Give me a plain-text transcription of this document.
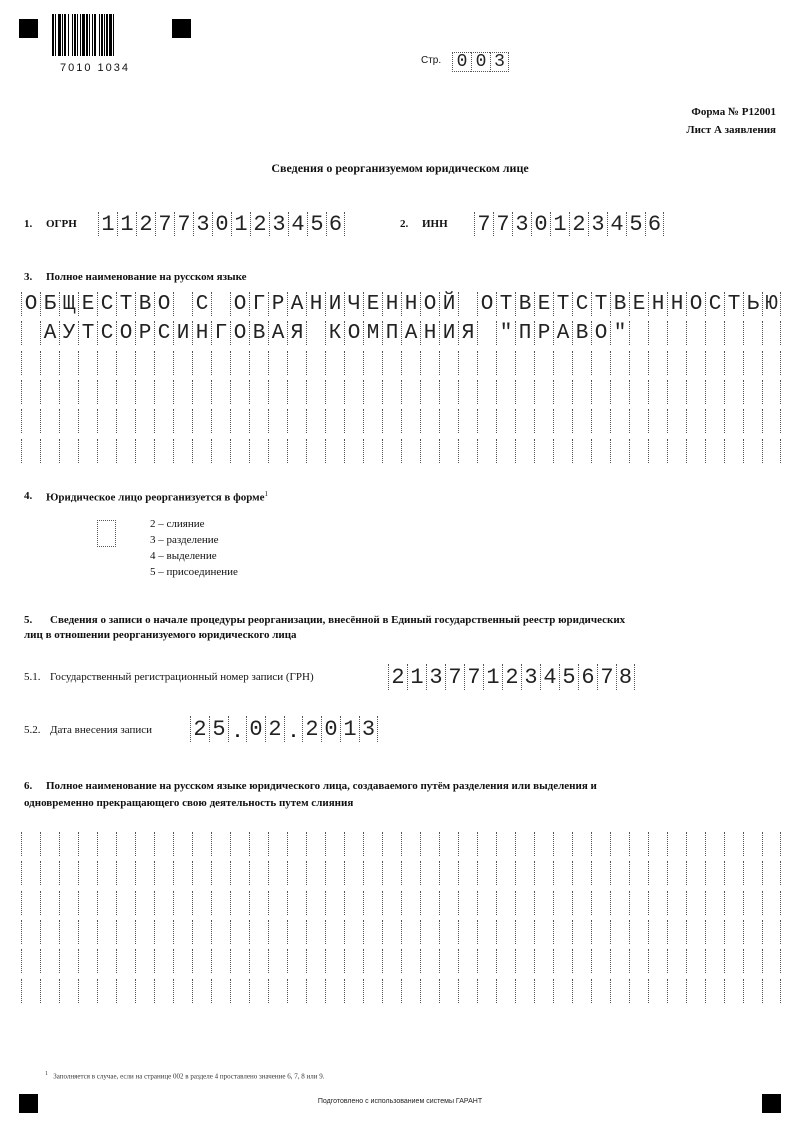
7010 1034
Стр. 0 0 3
Форма № Р12001
Лист А заявления
Сведения о реорганизуемом юридическом лице
1. ОГРН 1 1 2 7 7 3 0 1 2 3 4 5 6	2. ИНН 7 7 3 0 1 2 3 4 5 6
3. Полное наименование на русском языке
О Б Щ Е С Т В О С О Г Р А Н И Ч Е Н Н О Й О Т В Е Т С Т В Е Н Н О С Т Ь Ю
А У Т С О Р С И Н Г О В А Я К О М П А Н И Я " П Р А В О "
4. Юридическое лицо реорганизуется в форме$^1$
2 – слияние
3 – разделение
4 – выделение
5 – присоединение
5. Сведения о записи о начале процедуры реорганизации, внесённой в Единый государственный реестр юридических
лиц в отношении реорганизуемого юридического лица
5.1. Государственный регистрационный номер записи (ГРН)	2 1 3 7 7 1 2 3 4 5 6 7 8
5.2. Дата внесения записи 2 5 . 0 2 . 2 0 1 3
6. Полное наименование на русском языке юридического лица, создаваемого путём разделения или выделения и
одновременно прекращающего свою деятельность путем слияния
$^1$ Заполняется в случае, если на странице 002 в разделе 4 проставлено значение 6, 7, 8 или 9.
Подготовлено с использованием системы ГАРАНТ
